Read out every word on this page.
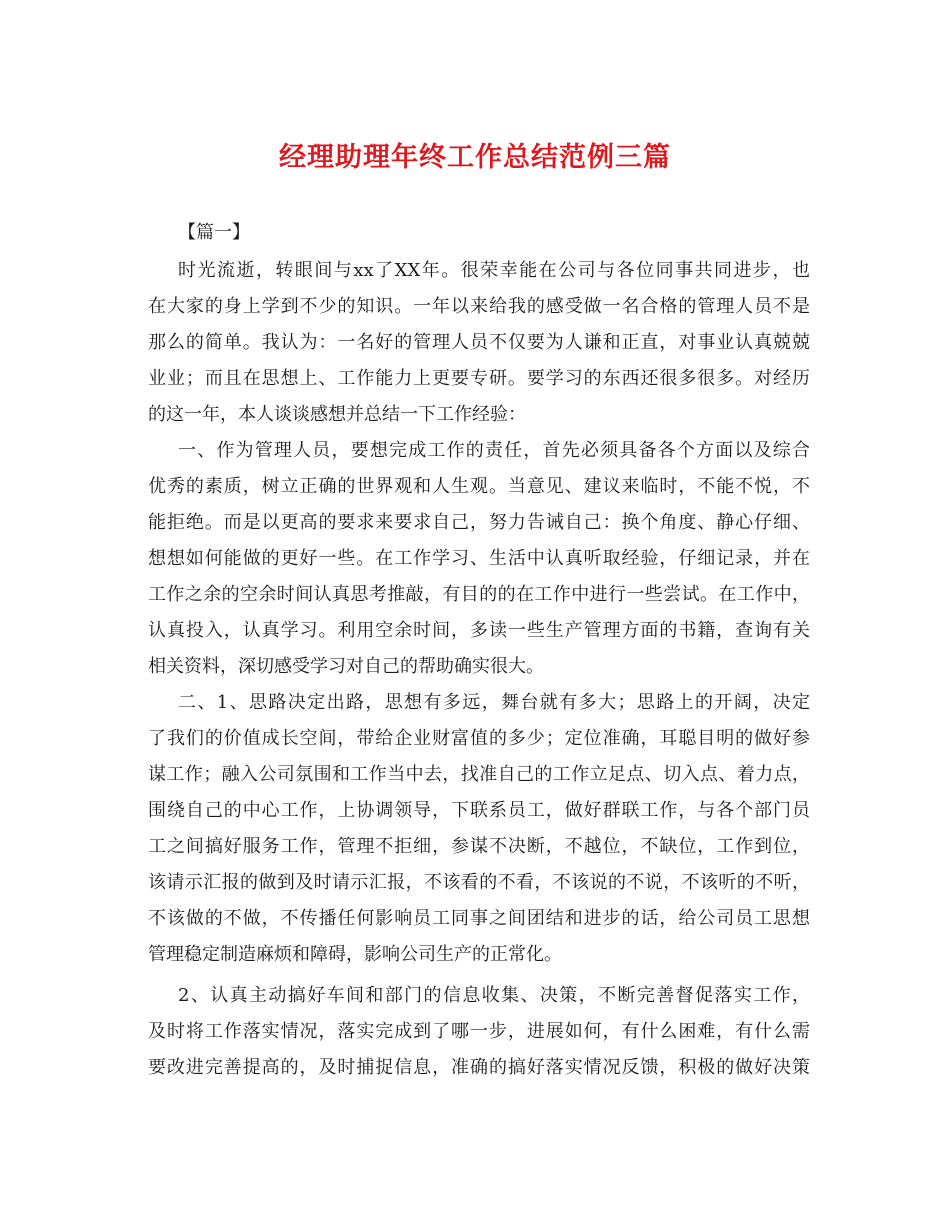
经理助理年终工作总结范例三篇

【篇一】

时光流逝，转眼间与xx了XX年。很荣幸能在公司与各位同事共同进步，也

在大家的身上学到不少的知识。一年以来给我的感受做一名合格的管理人员不是

那么的简单。我认为：一名好的管理人员不仅要为人谦和正直，对事业认真兢兢

业业；而且在思想上、工作能力上更要专研。要学习的东西还很多很多。对经历

的这一年，本人谈谈感想并总结一下工作经验：

一、作为管理人员，要想完成工作的责任，首先必须具备各个方面以及综合

优秀的素质，树立正确的世界观和人生观。当意见、建议来临时，不能不悦，不

能拒绝。而是以更高的要求来要求自己，努力告诫自己：换个角度、静心仔细、

想想如何能做的更好一些。在工作学习、生活中认真听取经验，仔细记录，并在

工作之余的空余时间认真思考推敲，有目的的在工作中进行一些尝试。在工作中，

认真投入，认真学习。利用空余时间，多读一些生产管理方面的书籍，查询有关

相关资料，深切感受学习对自己的帮助确实很大。

二、1、思路决定出路，思想有多远，舞台就有多大；思路上的开阔，决定

了我们的价值成长空间，带给企业财富值的多少；定位准确，耳聪目明的做好参

谋工作；融入公司氛围和工作当中去，找准自己的工作立足点、切入点、着力点，

围绕自己的中心工作，上协调领导，下联系员工，做好群联工作，与各个部门员

工之间搞好服务工作，管理不拒细，参谋不决断，不越位，不缺位，工作到位，

该请示汇报的做到及时请示汇报，不该看的不看，不该说的不说，不该听的不听，

不该做的不做，不传播任何影响员工同事之间团结和进步的话，给公司员工思想

管理稳定制造麻烦和障碍，影响公司生产的正常化。

2、认真主动搞好车间和部门的信息收集、决策，不断完善督促落实工作，

及时将工作落实情况，落实完成到了哪一步，进展如何，有什么困难，有什么需

要改进完善提高的，及时捕捉信息，准确的搞好落实情况反馈，积极的做好决策
